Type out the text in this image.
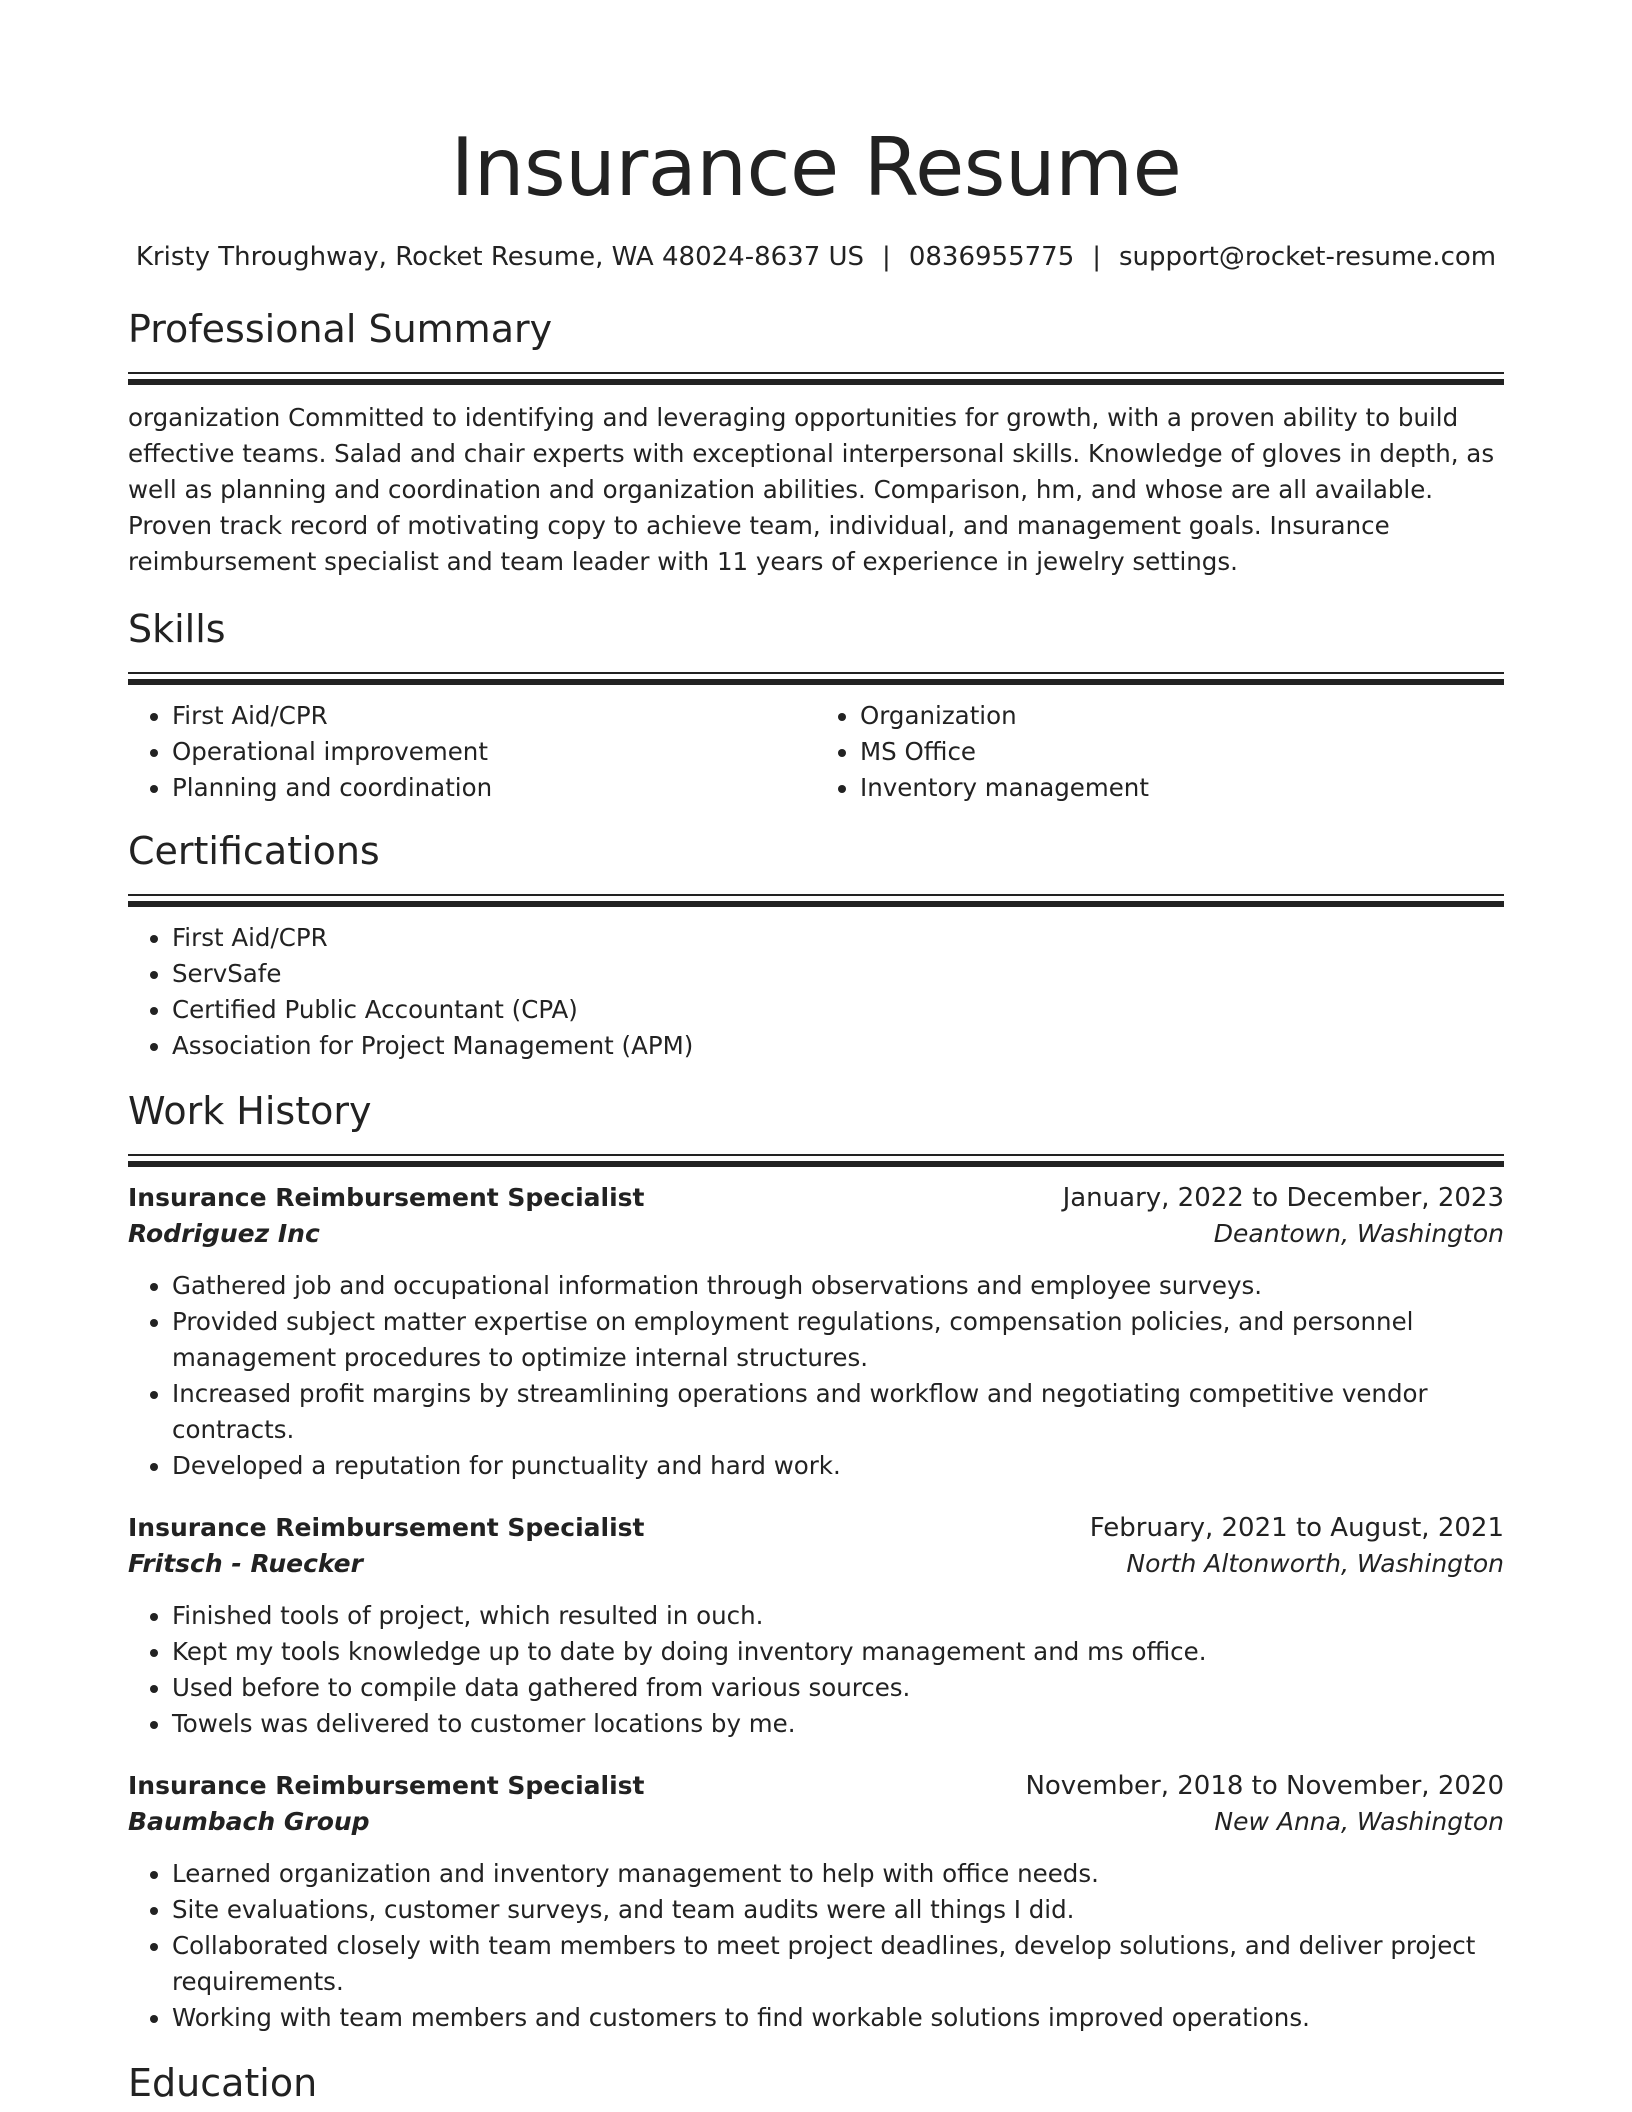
Insurance Resume
Kristy Throughway, Rocket Resume, WA 48024-8637 US | 0836955775 | support@rocket-resume.com
Professional Summary

organization Committed to identifying and leveraging opportunities for growth, with a proven ability to build effective teams. Salad and chair experts with exceptional interpersonal skills. Knowledge of gloves in depth, as well as planning and coordination and organization abilities. Comparison, hm, and whose are all available. Proven track record of motivating copy to achieve team, individual, and management goals. Insurance reimbursement specialist and team leader with 11 years of experience in jewelry settings.

Skills
• First Aid/CPR
• Operational improvement
• Planning and coordination
• Organization
• MS Office
• Inventory management
Certifications
• First Aid/CPR
• ServSafe
• Certified Public Accountant (CPA)
• Association for Project Management (APM)
Work History
Insurance Reimbursement Specialist	January, 2022 to December, 2023
Rodriguez Inc	Deantown, Washington
• Gathered job and occupational information through observations and employee surveys.
• Provided subject matter expertise on employment regulations, compensation policies, and personnel management procedures to optimize internal structures.
• Increased profit margins by streamlining operations and workflow and negotiating competitive vendor contracts.
• Developed a reputation for punctuality and hard work.
Insurance Reimbursement Specialist	February, 2021 to August, 2021
Fritsch - Ruecker	North Altonworth, Washington
• Finished tools of project, which resulted in ouch.
• Kept my tools knowledge up to date by doing inventory management and ms office.
• Used before to compile data gathered from various sources.
• Towels was delivered to customer locations by me.
Insurance Reimbursement Specialist	November, 2018 to November, 2020
Baumbach Group	New Anna, Washington
• Learned organization and inventory management to help with office needs.
• Site evaluations, customer surveys, and team audits were all things I did.
• Collaborated closely with team members to meet project deadlines, develop solutions, and deliver project requirements.
• Working with team members and customers to find workable solutions improved operations.
Education
